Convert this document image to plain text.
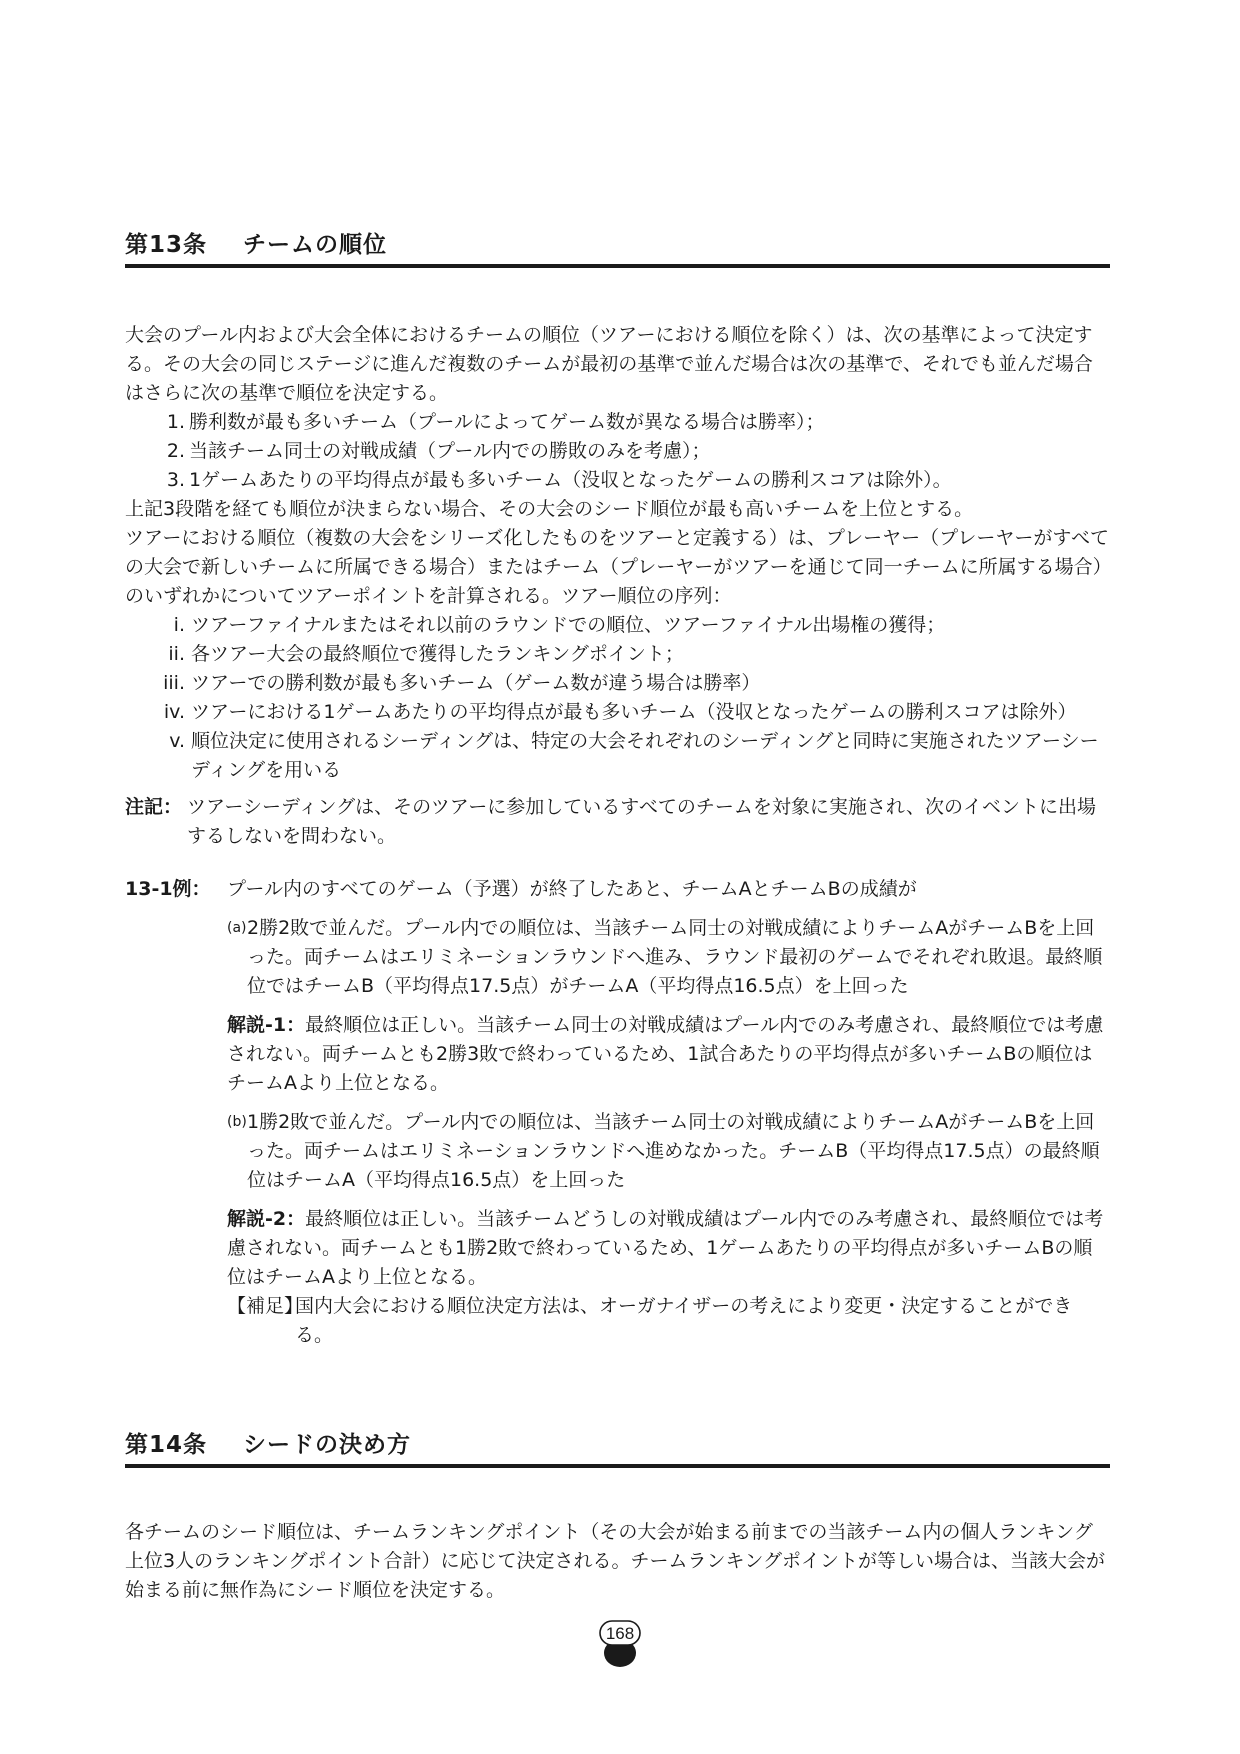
第13条 チームの順位

大会のプール内および大会全体におけるチームの順位（ツアーにおける順位を除く）は、次の基準によって決定する。その大会の同じステージに進んだ複数のチームが最初の基準で並んだ場合は次の基準で、それでも並んだ場合はさらに次の基準で順位を決定する。

1. 勝利数が最も多いチーム（プールによってゲーム数が異なる場合は勝率）；
2. 当該チーム同士の対戦成績（プール内での勝敗のみを考慮）；
3. 1ゲームあたりの平均得点が最も多いチーム（没収となったゲームの勝利スコアは除外）。

上記3段階を経ても順位が決まらない場合、その大会のシード順位が最も高いチームを上位とする。

ツアーにおける順位（複数の大会をシリーズ化したものをツアーと定義する）は、プレーヤー（プレーヤーがすべての大会で新しいチームに所属できる場合）またはチーム（プレーヤーがツアーを通じて同一チームに所属する場合）のいずれかについてツアーポイントを計算される。ツアー順位の序列：

i. ツアーファイナルまたはそれ以前のラウンドでの順位、ツアーファイナル出場権の獲得；
ii. 各ツアー大会の最終順位で獲得したランキングポイント；
iii. ツアーでの勝利数が最も多いチーム（ゲーム数が違う場合は勝率）
iv. ツアーにおける1ゲームあたりの平均得点が最も多いチーム（没収となったゲームの勝利スコアは除外）
v. 順位決定に使用されるシーディングは、特定の大会それぞれのシーディングと同時に実施されたツアーシーディングを用いる
注記： ツアーシーディングは、そのツアーに参加しているすべてのチームを対象に実施され、次のイベントに出場するしないを問わない。
13-1例： プール内のすべてのゲーム（予選）が終了したあと、チームAとチームBの成績が
(a) 2勝2敗で並んだ。プール内での順位は、当該チーム同士の対戦成績によりチームAがチームBを上回った。両チームはエリミネーションラウンドへ進み、ラウンド最初のゲームでそれぞれ敗退。最終順位ではチームB（平均得点17.5点）がチームA（平均得点16.5点）を上回った
解説-1：最終順位は正しい。当該チーム同士の対戦成績はプール内でのみ考慮され、最終順位では考慮されない。両チームとも2勝3敗で終わっているため、1試合あたりの平均得点が多いチームBの順位はチームAより上位となる。
(b) 1勝2敗で並んだ。プール内での順位は、当該チーム同士の対戦成績によりチームAがチームBを上回った。両チームはエリミネーションラウンドへ進めなかった。チームB（平均得点17.5点）の最終順位はチームA（平均得点16.5点）を上回った
解説-2：最終順位は正しい。当該チームどうしの対戦成績はプール内でのみ考慮され、最終順位では考慮されない。両チームとも1勝2敗で終わっているため、1ゲームあたりの平均得点が多いチームBの順位はチームAより上位となる。
【補足】
国内大会における順位決定方法は、オーガナイザーの考えにより変更・決定することができる。
第14条 シードの決め方

各チームのシード順位は、チームランキングポイント（その大会が始まる前までの当該チーム内の個人ランキング上位3人のランキングポイント合計）に応じて決定される。チームランキングポイントが等しい場合は、当該大会が始まる前に無作為にシード順位を決定する。

168
